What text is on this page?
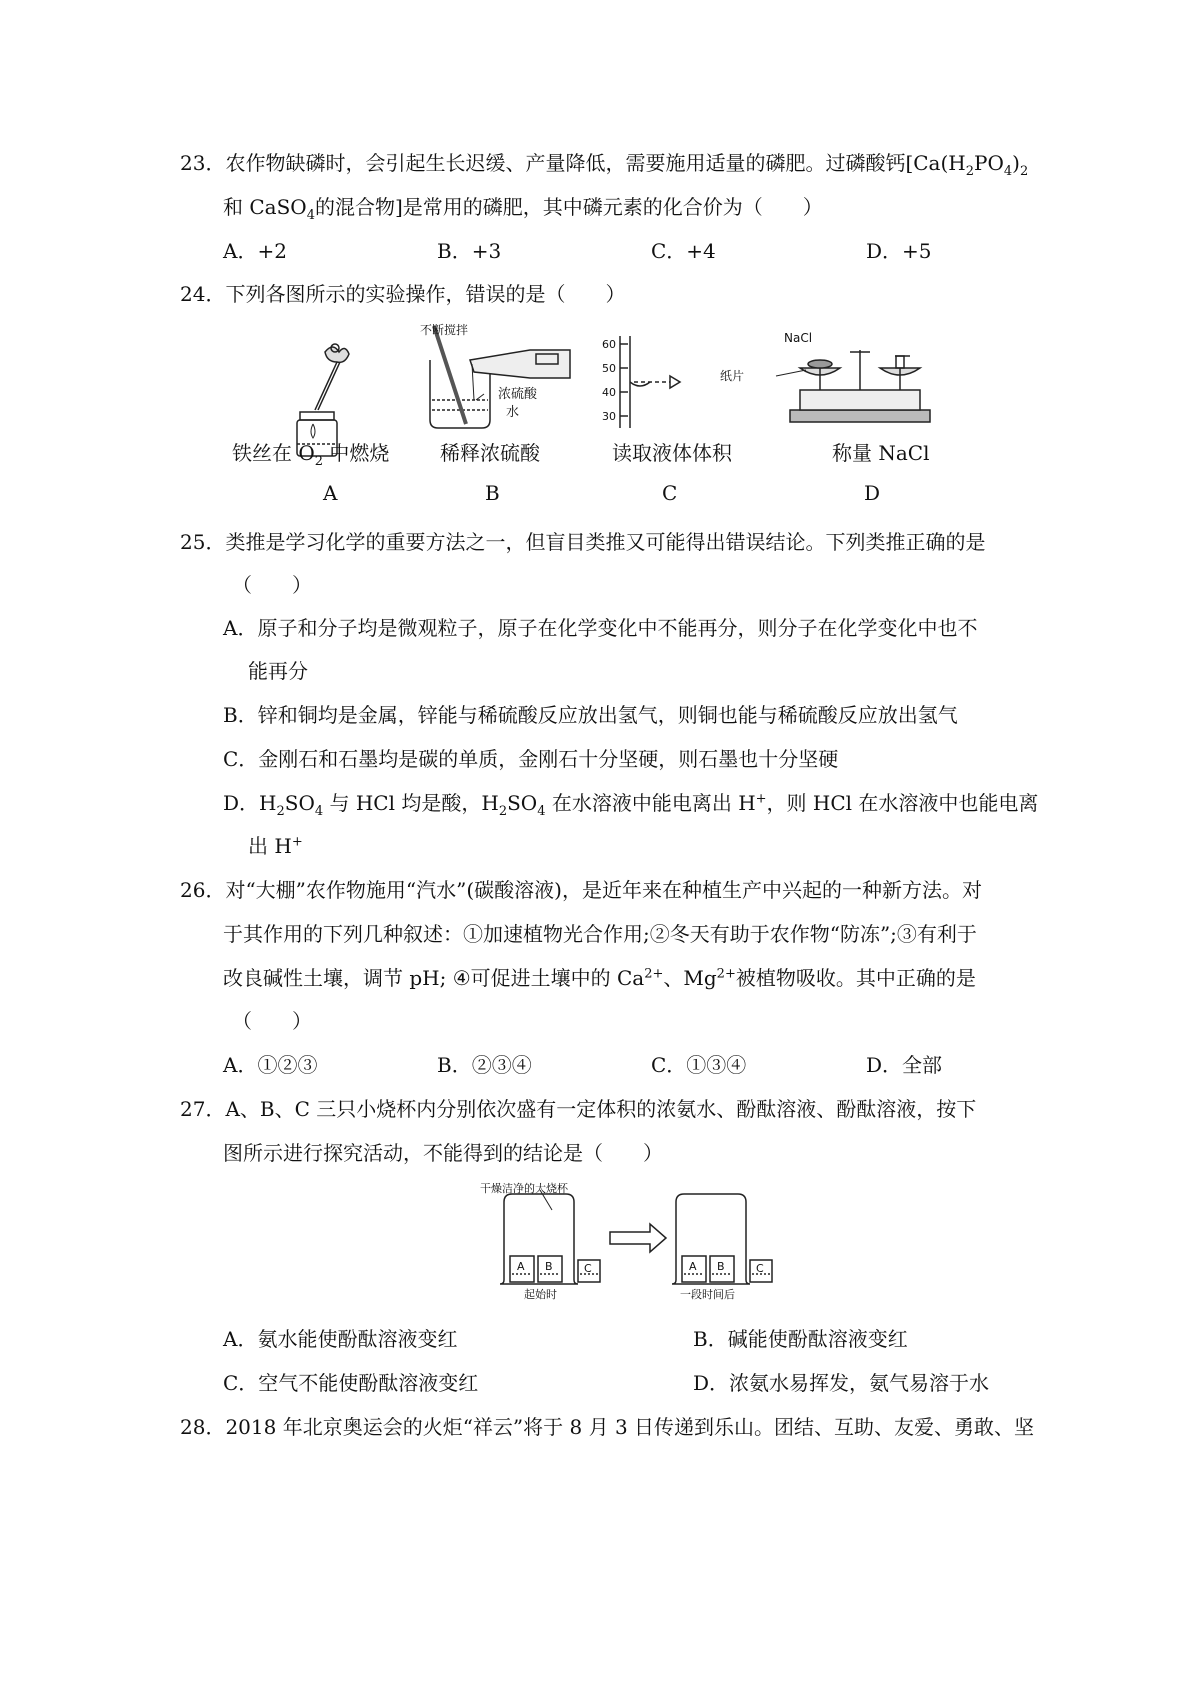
23．农作物缺磷时，会引起生长迟缓、产量降低，需要施用适量的磷肥。过磷酸钙[$Ca(H_2PO_4)_2$
和 CaSO$_4$的混合物]是常用的磷肥，其中磷元素的化合价为（　　）
A．+2	B．+3	C．+4	D．+5
24．下列各图所示的实验操作，错误的是（　　）
不断搅拌
浓硫酸
水
60
50
40
30
NaCl
纸片
铁丝在 $O_2$ 中燃烧	稀释浓硫酸	读取液体体积	称量 NaCl
A	B	C	D
25．类推是学习化学的重要方法之一，但盲目类推又可能得出错误结论。下列类推正确的是
（　　）
A．原子和分子均是微观粒子，原子在化学变化中不能再分，则分子在化学变化中也不
能再分
B．锌和铜均是金属，锌能与稀硫酸反应放出氢气，则铜也能与稀硫酸反应放出氢气
C．金刚石和石墨均是碳的单质，金刚石十分坚硬，则石墨也十分坚硬
D．$H_2SO_4$ 与 HCl 均是酸，$H_2SO_4$ 在水溶液中能电离出 H+，则 HCl 在水溶液中也能电离
出 H+
26．对“大棚”农作物施用“汽水”(碳酸溶液)，是近年来在种植生产中兴起的一种新方法。对
于其作用的下列几种叙述：①加速植物光合作用;②冬天有助于农作物“防冻”;③有利于
改良碱性土壤，调节 pH; ④可促进土壤中的 $Ca^{2+}$、$Mg^{2+}$被植物吸收。其中正确的是
（　　）
A．①②③	B．②③④	C．①③④	D．全部
27．A、B、C 三只小烧杯内分别依次盛有一定体积的浓氨水、酚酞溶液、酚酞溶液，按下
图所示进行探究活动，不能得到的结论是（　　）
干燥洁净的大烧杯
A B	C	A B	C
起始时	一段时间后
A．氨水能使酚酞溶液变红	B．碱能使酚酞溶液变红
C．空气不能使酚酞溶液变红	D．浓氨水易挥发，氨气易溶于水
28．2018 年北京奥运会的火炬“祥云”将于 8 月 3 日传递到乐山。团结、互助、友爱、勇敢、坚
